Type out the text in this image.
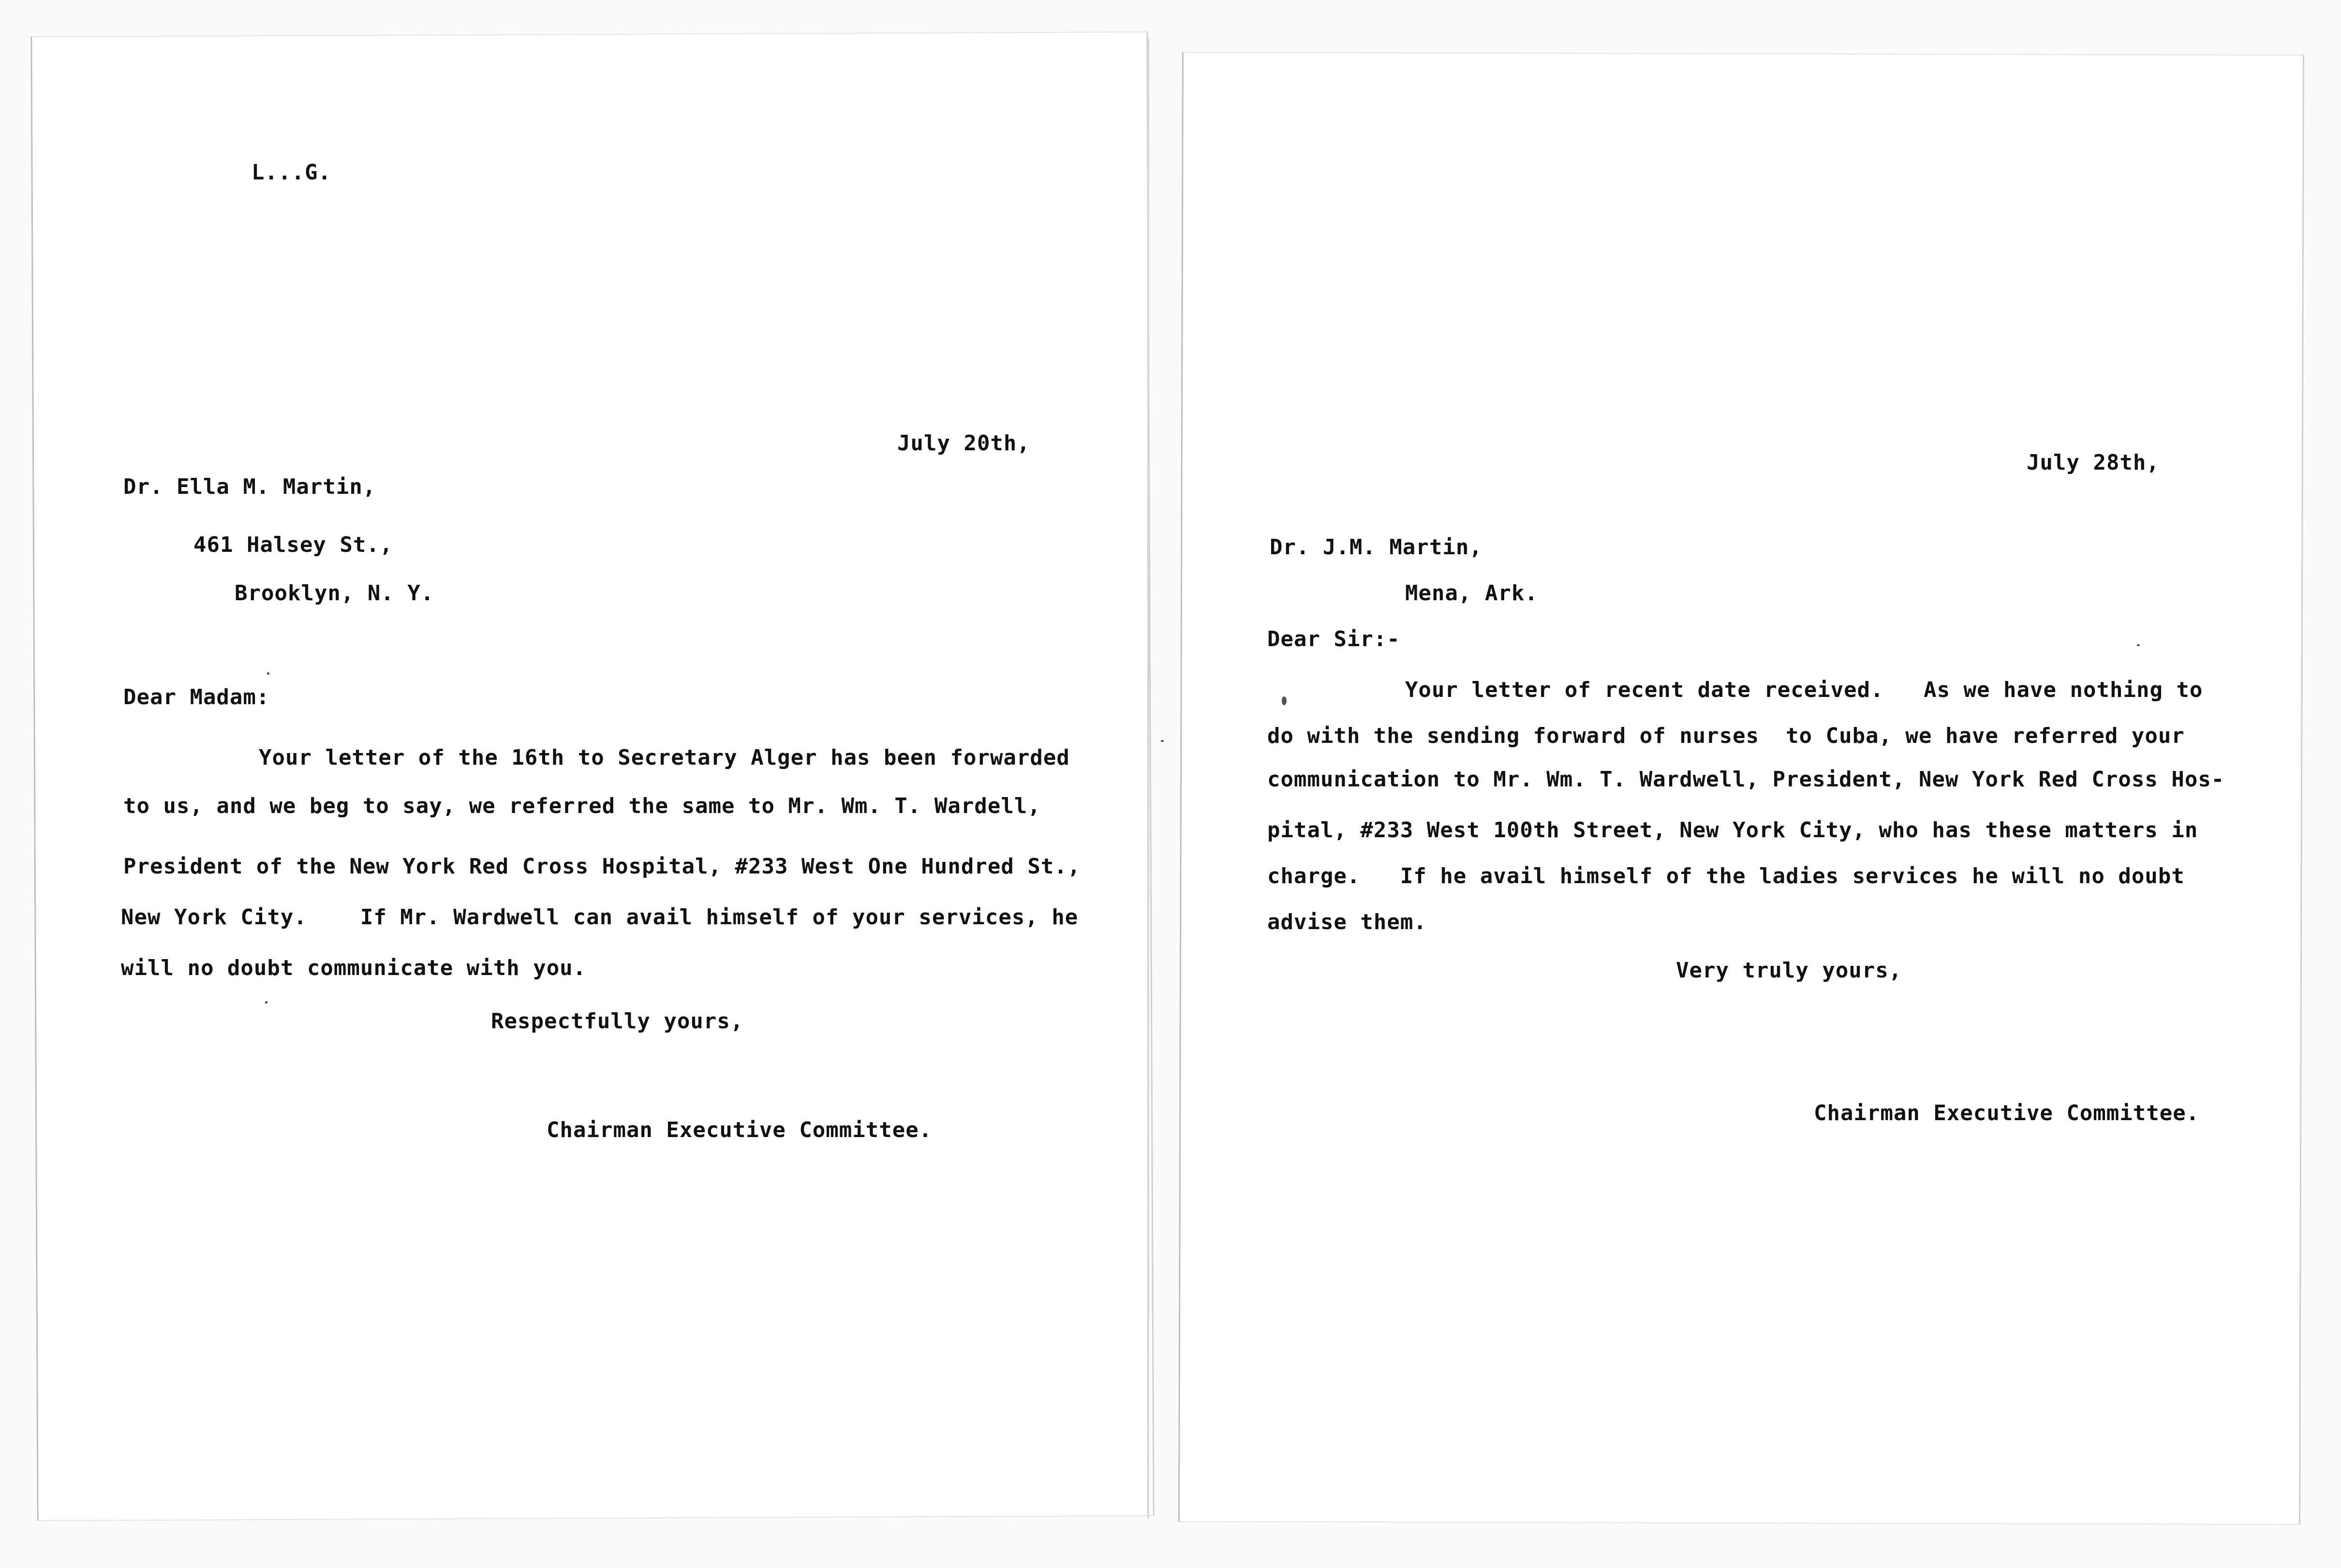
L...G.
July 20th,
Dr. Ella M. Martin,
461 Halsey St.,
Brooklyn, N. Y.
Dear Madam:
Your letter of the 16th to Secretary Alger has been forwarded
to us, and we beg to say, we referred the same to Mr. Wm. T. Wardell,
President of the New York Red Cross Hospital, #233 West One Hundred St.,
New York City.    If Mr. Wardwell can avail himself of your services, he
will no doubt communicate with you.
Respectfully yours,
Chairman Executive Committee.
July 28th,
Dr. J.M. Martin,
Mena, Ark.
Dear Sir:-
Your letter of recent date received.   As we have nothing to
do with the sending forward of nurses  to Cuba, we have referred your
communication to Mr. Wm. T. Wardwell, President, New York Red Cross Hos-
pital, #233 West 100th Street, New York City, who has these matters in
charge.   If he avail himself of the ladies services he will no doubt
advise them.
Very truly yours,
Chairman Executive Committee.
